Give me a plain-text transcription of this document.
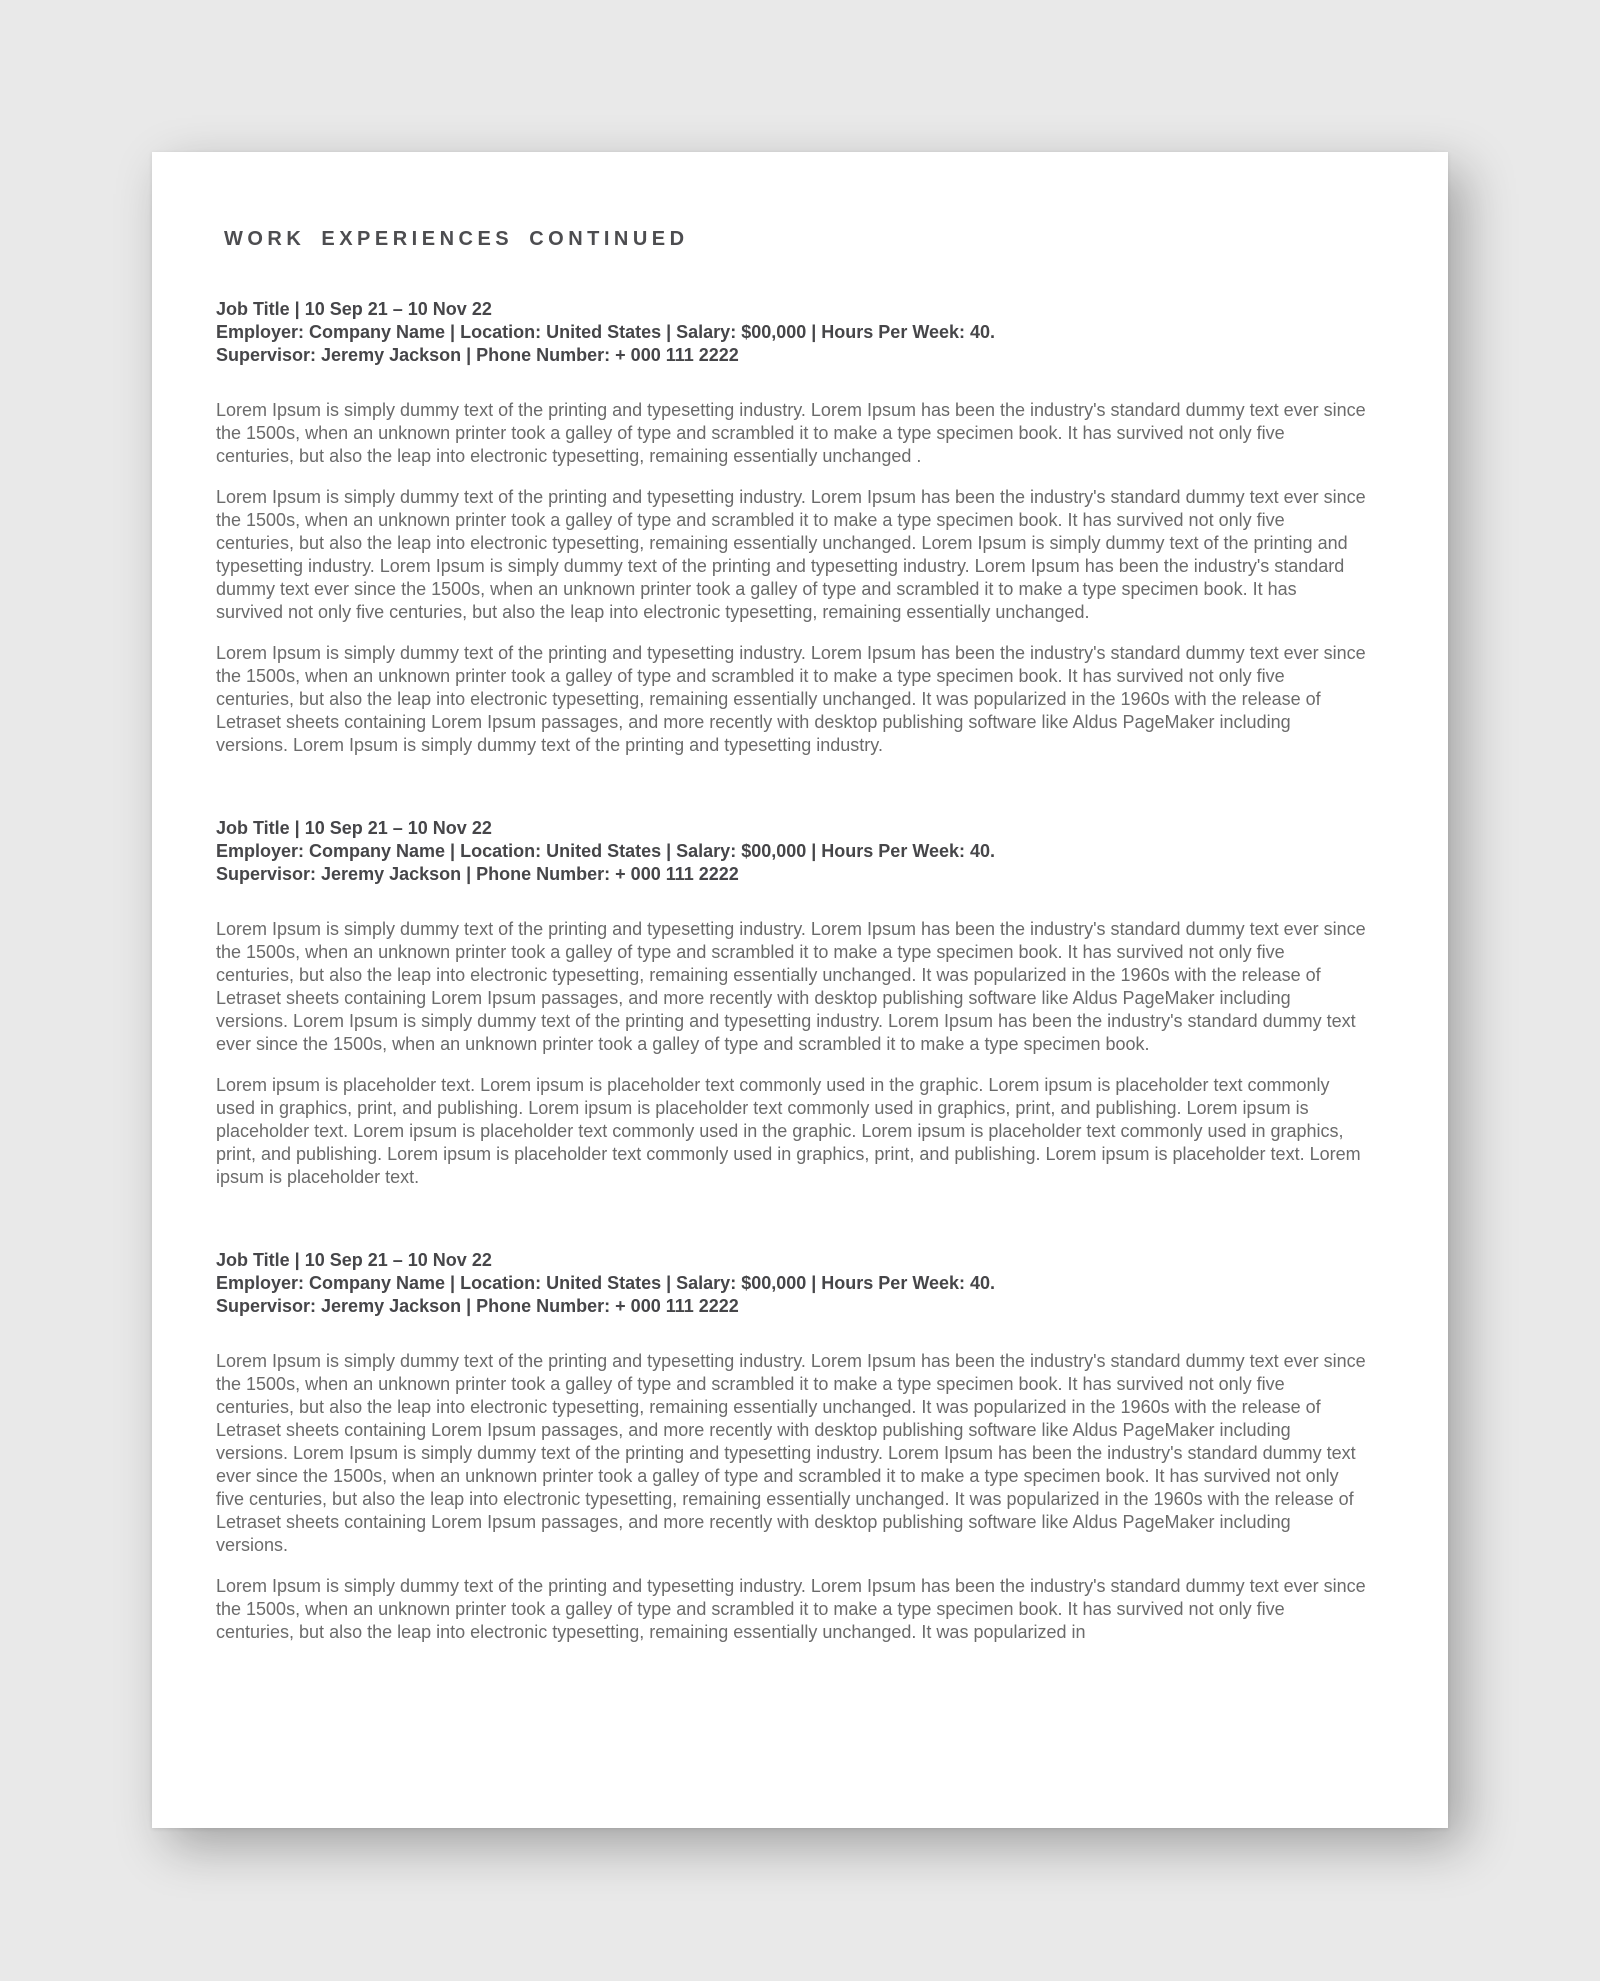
WORK EXPERIENCES CONTINUED
Job Title | 10 Sep 21 – 10 Nov 22
Employer: Company Name | Location: United States | Salary: $00,000 | Hours Per Week: 40.
Supervisor: Jeremy Jackson | Phone Number: + 000 111 2222

Lorem Ipsum is simply dummy text of the printing and typesetting industry. Lorem Ipsum has been the industry's standard dummy text ever since the 1500s, when an unknown printer took a galley of type and scrambled it to make a type specimen book. It has survived not only five centuries, but also the leap into electronic typesetting, remaining essentially unchanged .

Lorem Ipsum is simply dummy text of the printing and typesetting industry. Lorem Ipsum has been the industry's standard dummy text ever since the 1500s, when an unknown printer took a galley of type and scrambled it to make a type specimen book. It has survived not only five centuries, but also the leap into electronic typesetting, remaining essentially unchanged. Lorem Ipsum is simply dummy text of the printing and typesetting industry. Lorem Ipsum is simply dummy text of the printing and typesetting industry. Lorem Ipsum has been the industry's standard dummy text ever since the 1500s, when an unknown printer took a galley of type and scrambled it to make a type specimen book. It has survived not only five centuries, but also the leap into electronic typesetting, remaining essentially unchanged.

Lorem Ipsum is simply dummy text of the printing and typesetting industry. Lorem Ipsum has been the industry's standard dummy text ever since the 1500s, when an unknown printer took a galley of type and scrambled it to make a type specimen book. It has survived not only five centuries, but also the leap into electronic typesetting, remaining essentially unchanged. It was popularized in the 1960s with the release of Letraset sheets containing Lorem Ipsum passages, and more recently with desktop publishing software like Aldus PageMaker including versions. Lorem Ipsum is simply dummy text of the printing and typesetting industry.

Job Title | 10 Sep 21 – 10 Nov 22
Employer: Company Name | Location: United States | Salary: $00,000 | Hours Per Week: 40.
Supervisor: Jeremy Jackson | Phone Number: + 000 111 2222

Lorem Ipsum is simply dummy text of the printing and typesetting industry. Lorem Ipsum has been the industry's standard dummy text ever since the 1500s, when an unknown printer took a galley of type and scrambled it to make a type specimen book. It has survived not only five centuries, but also the leap into electronic typesetting, remaining essentially unchanged. It was popularized in the 1960s with the release of Letraset sheets containing Lorem Ipsum passages, and more recently with desktop publishing software like Aldus PageMaker including versions. Lorem Ipsum is simply dummy text of the printing and typesetting industry. Lorem Ipsum has been the industry's standard dummy text ever since the 1500s, when an unknown printer took a galley of type and scrambled it to make a type specimen book.

Lorem ipsum is placeholder text. Lorem ipsum is placeholder text commonly used in the graphic. Lorem ipsum is placeholder text commonly used in graphics, print, and publishing. Lorem ipsum is placeholder text commonly used in graphics, print, and publishing. Lorem ipsum is placeholder text. Lorem ipsum is placeholder text commonly used in the graphic. Lorem ipsum is placeholder text commonly used in graphics, print, and publishing. Lorem ipsum is placeholder text commonly used in graphics, print, and publishing. Lorem ipsum is placeholder text. Lorem ipsum is placeholder text.

Job Title | 10 Sep 21 – 10 Nov 22
Employer: Company Name | Location: United States | Salary: $00,000 | Hours Per Week: 40.
Supervisor: Jeremy Jackson | Phone Number: + 000 111 2222

Lorem Ipsum is simply dummy text of the printing and typesetting industry. Lorem Ipsum has been the industry's standard dummy text ever since the 1500s, when an unknown printer took a galley of type and scrambled it to make a type specimen book. It has survived not only five centuries, but also the leap into electronic typesetting, remaining essentially unchanged. It was popularized in the 1960s with the release of Letraset sheets containing Lorem Ipsum passages, and more recently with desktop publishing software like Aldus PageMaker including versions. Lorem Ipsum is simply dummy text of the printing and typesetting industry. Lorem Ipsum has been the industry's standard dummy text ever since the 1500s, when an unknown printer took a galley of type and scrambled it to make a type specimen book. It has survived not only five centuries, but also the leap into electronic typesetting, remaining essentially unchanged. It was popularized in the 1960s with the release of Letraset sheets containing Lorem Ipsum passages, and more recently with desktop publishing software like Aldus PageMaker including versions.

Lorem Ipsum is simply dummy text of the printing and typesetting industry. Lorem Ipsum has been the industry's standard dummy text ever since the 1500s, when an unknown printer took a galley of type and scrambled it to make a type specimen book. It has survived not only five centuries, but also the leap into electronic typesetting, remaining essentially unchanged. It was popularized in
